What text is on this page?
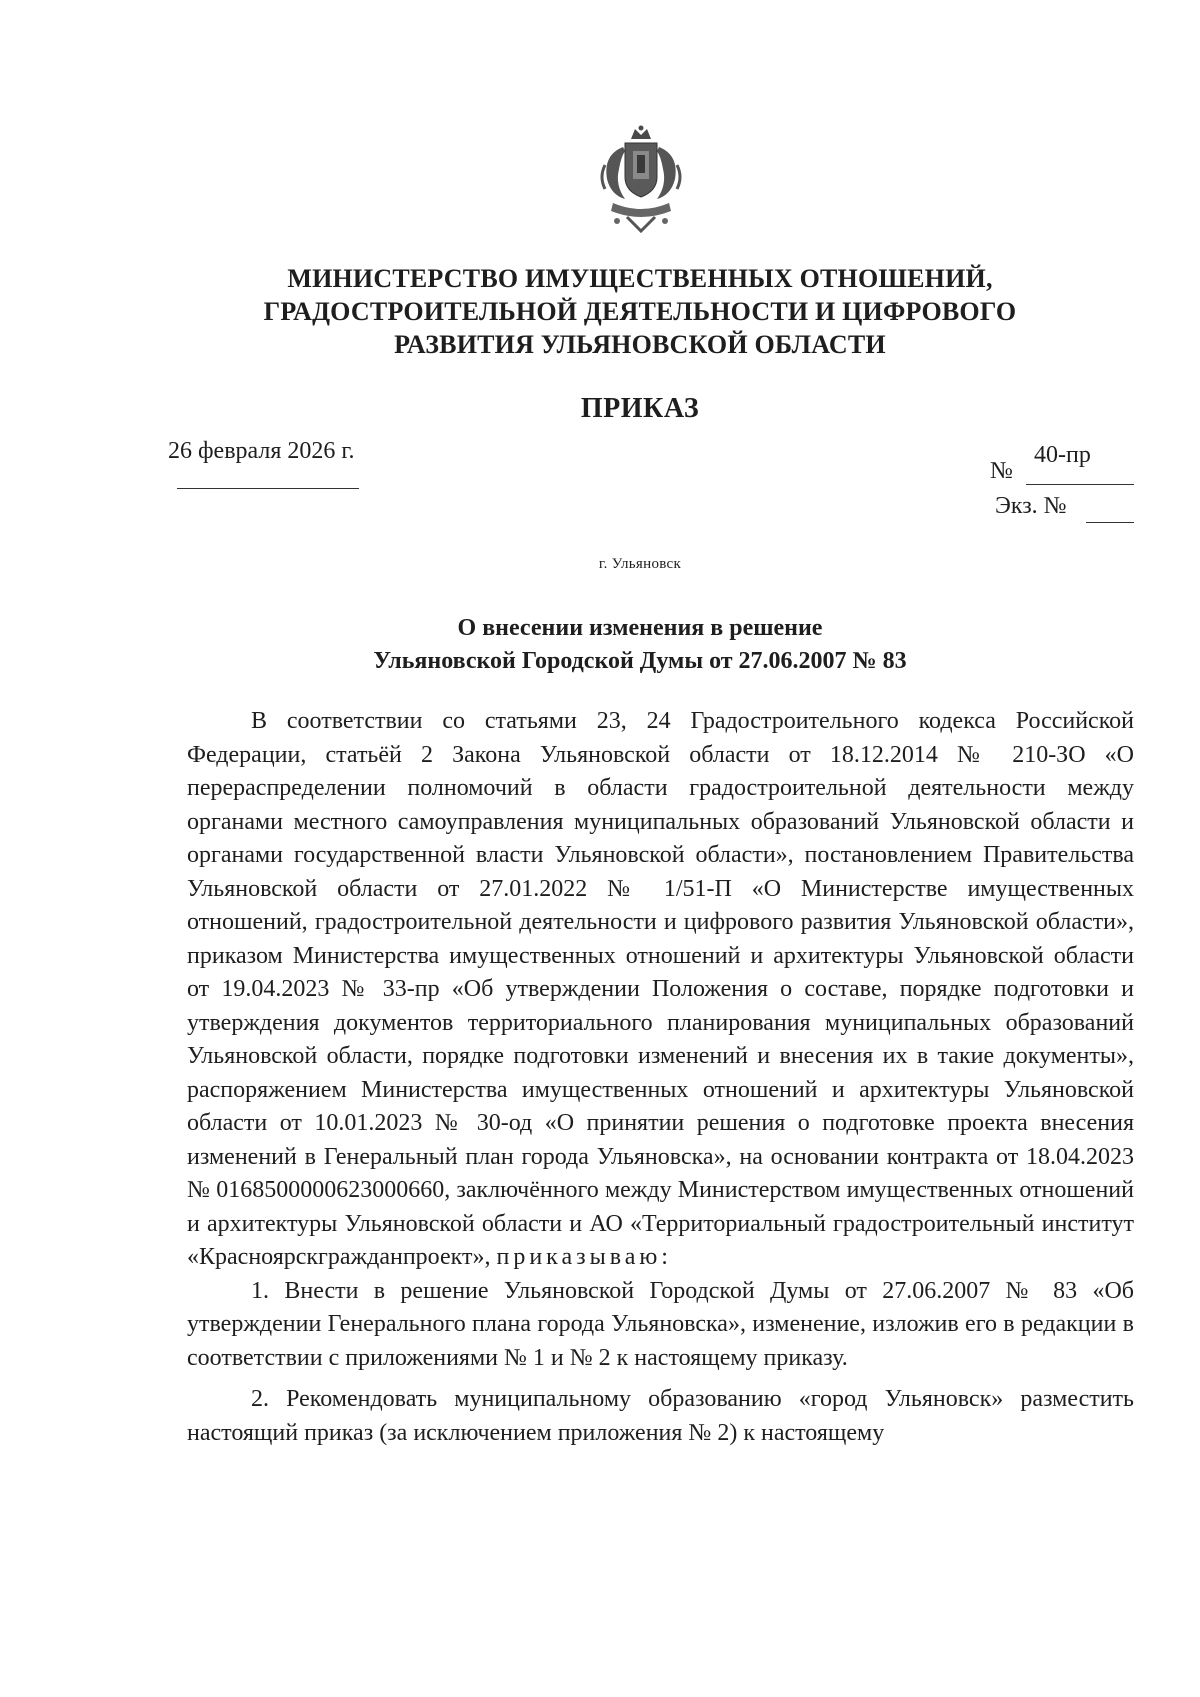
МИНИСТЕРСТВО ИМУЩЕСТВЕННЫХ ОТНОШЕНИЙ,
ГРАДОСТРОИТЕЛЬНОЙ ДЕЯТЕЛЬНОСТИ И ЦИФРОВОГО
РАЗВИТИЯ УЛЬЯНОВСКОЙ ОБЛАСТИ
ПРИКАЗ
26 февраля 2026 г.
№
40-пр
Экз. №
г. Ульяновск
О внесении изменения в решение
Ульяновской Городской Думы от 27.06.2007 № 83

В соответствии со статьями 23, 24 Градостроительного кодекса Российской Федерации, статьёй 2 Закона Ульяновской области от 18.12.2014 № 210-ЗО «О перераспределении полномочий в области градостроительной деятельности между органами местного самоуправления муниципальных образований Ульяновской области и органами государственной власти Ульяновской области», постановлением Правительства Ульяновской области от 27.01.2022 № 1/51-П «О Министерстве имущественных отношений, градостроительной деятельности и цифрового развития Ульяновской области», приказом Министерства имущественных отношений и архитектуры Ульяновской области от 19.04.2023 № 33-пр «Об утверждении Положения о составе, порядке подготовки и утверждения документов территориального планирования муниципальных образований Ульяновской области, порядке подготовки изменений и внесения их в такие документы», распоряжением Министерства имущественных отношений и архитектуры Ульяновской области от 10.01.2023 № 30-од «О принятии решения о подготовке проекта внесения изменений в Генеральный план города Ульяновска», на основании контракта от 18.04.2023 № 0168500000623000660, заключённого между Министерством имущественных отношений и архитектуры Ульяновской области и АО «Территориальный градостроительный институт «Красноярскгражданпроект», приказываю:

1. Внести в решение Ульяновской Городской Думы от 27.06.2007 № 83 «Об утверждении Генерального плана города Ульяновска», изменение, изложив его в редакции в соответствии с приложениями № 1 и № 2 к настоящему приказу.

2. Рекомендовать муниципальному образованию «город Ульяновск» разместить настоящий приказ (за исключением приложения № 2) к настоящему
